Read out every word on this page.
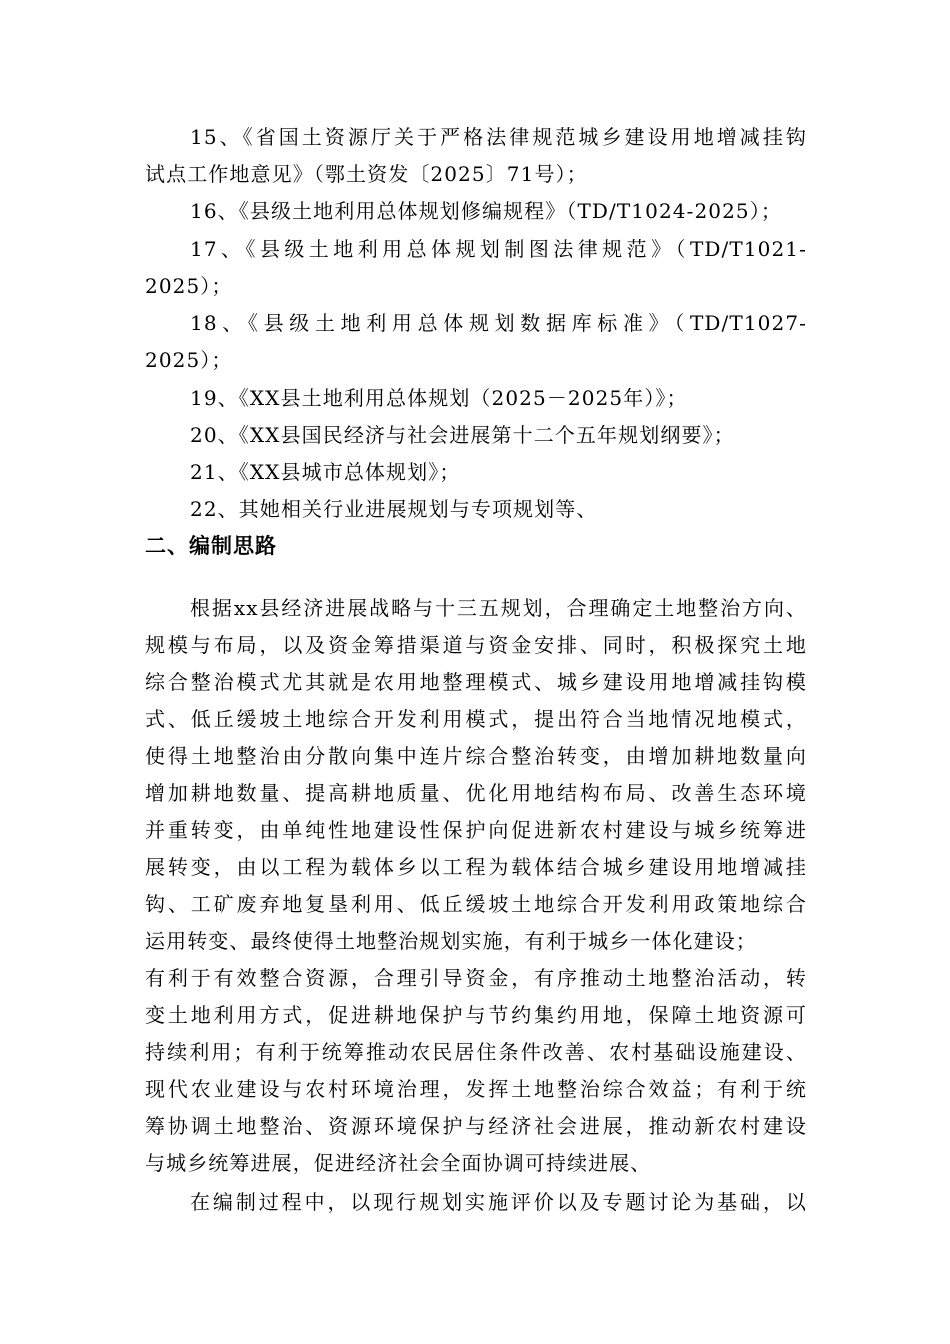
15、《省国土资源厅关于严格法律规范城乡建设用地增减挂钩
试点工作地意见》（鄂土资发〔2025〕71号）；
16、《县级土地利用总体规划修编规程》（TD/T1024-2025）；
17、《县级土地利用总体规划制图法律规范》（TD/T1021-
2025）；
18、《县级土地利用总体规划数据库标准》（TD/T1027-
2025）；
19、《XX县土地利用总体规划（2025－2025年）》；
20、《XX县国民经济与社会进展第十二个五年规划纲要》；
21、《XX县城市总体规划》；
22、其她相关行业进展规划与专项规划等、
二、编制思路
根据xx县经济进展战略与十三五规划，合理确定土地整治方向、
规模与布局，以及资金筹措渠道与资金安排、同时，积极探究土地
综合整治模式尤其就是农用地整理模式、城乡建设用地增减挂钩模
式、低丘缓坡土地综合开发利用模式，提出符合当地情况地模式，
使得土地整治由分散向集中连片综合整治转变，由增加耕地数量向
增加耕地数量、提高耕地质量、优化用地结构布局、改善生态环境
并重转变，由单纯性地建设性保护向促进新农村建设与城乡统筹进
展转变，由以工程为载体乡以工程为载体结合城乡建设用地增减挂
钩、工矿废弃地复垦利用、低丘缓坡土地综合开发利用政策地综合
运用转变、最终使得土地整治规划实施，有利于城乡一体化建设；
有利于有效整合资源，合理引导资金，有序推动土地整治活动，转
变土地利用方式，促进耕地保护与节约集约用地，保障土地资源可
持续利用；有利于统筹推动农民居住条件改善、农村基础设施建设、
现代农业建设与农村环境治理，发挥土地整治综合效益；有利于统
筹协调土地整治、资源环境保护与经济社会进展，推动新农村建设
与城乡统筹进展，促进经济社会全面协调可持续进展、
在编制过程中，以现行规划实施评价以及专题讨论为基础，以
